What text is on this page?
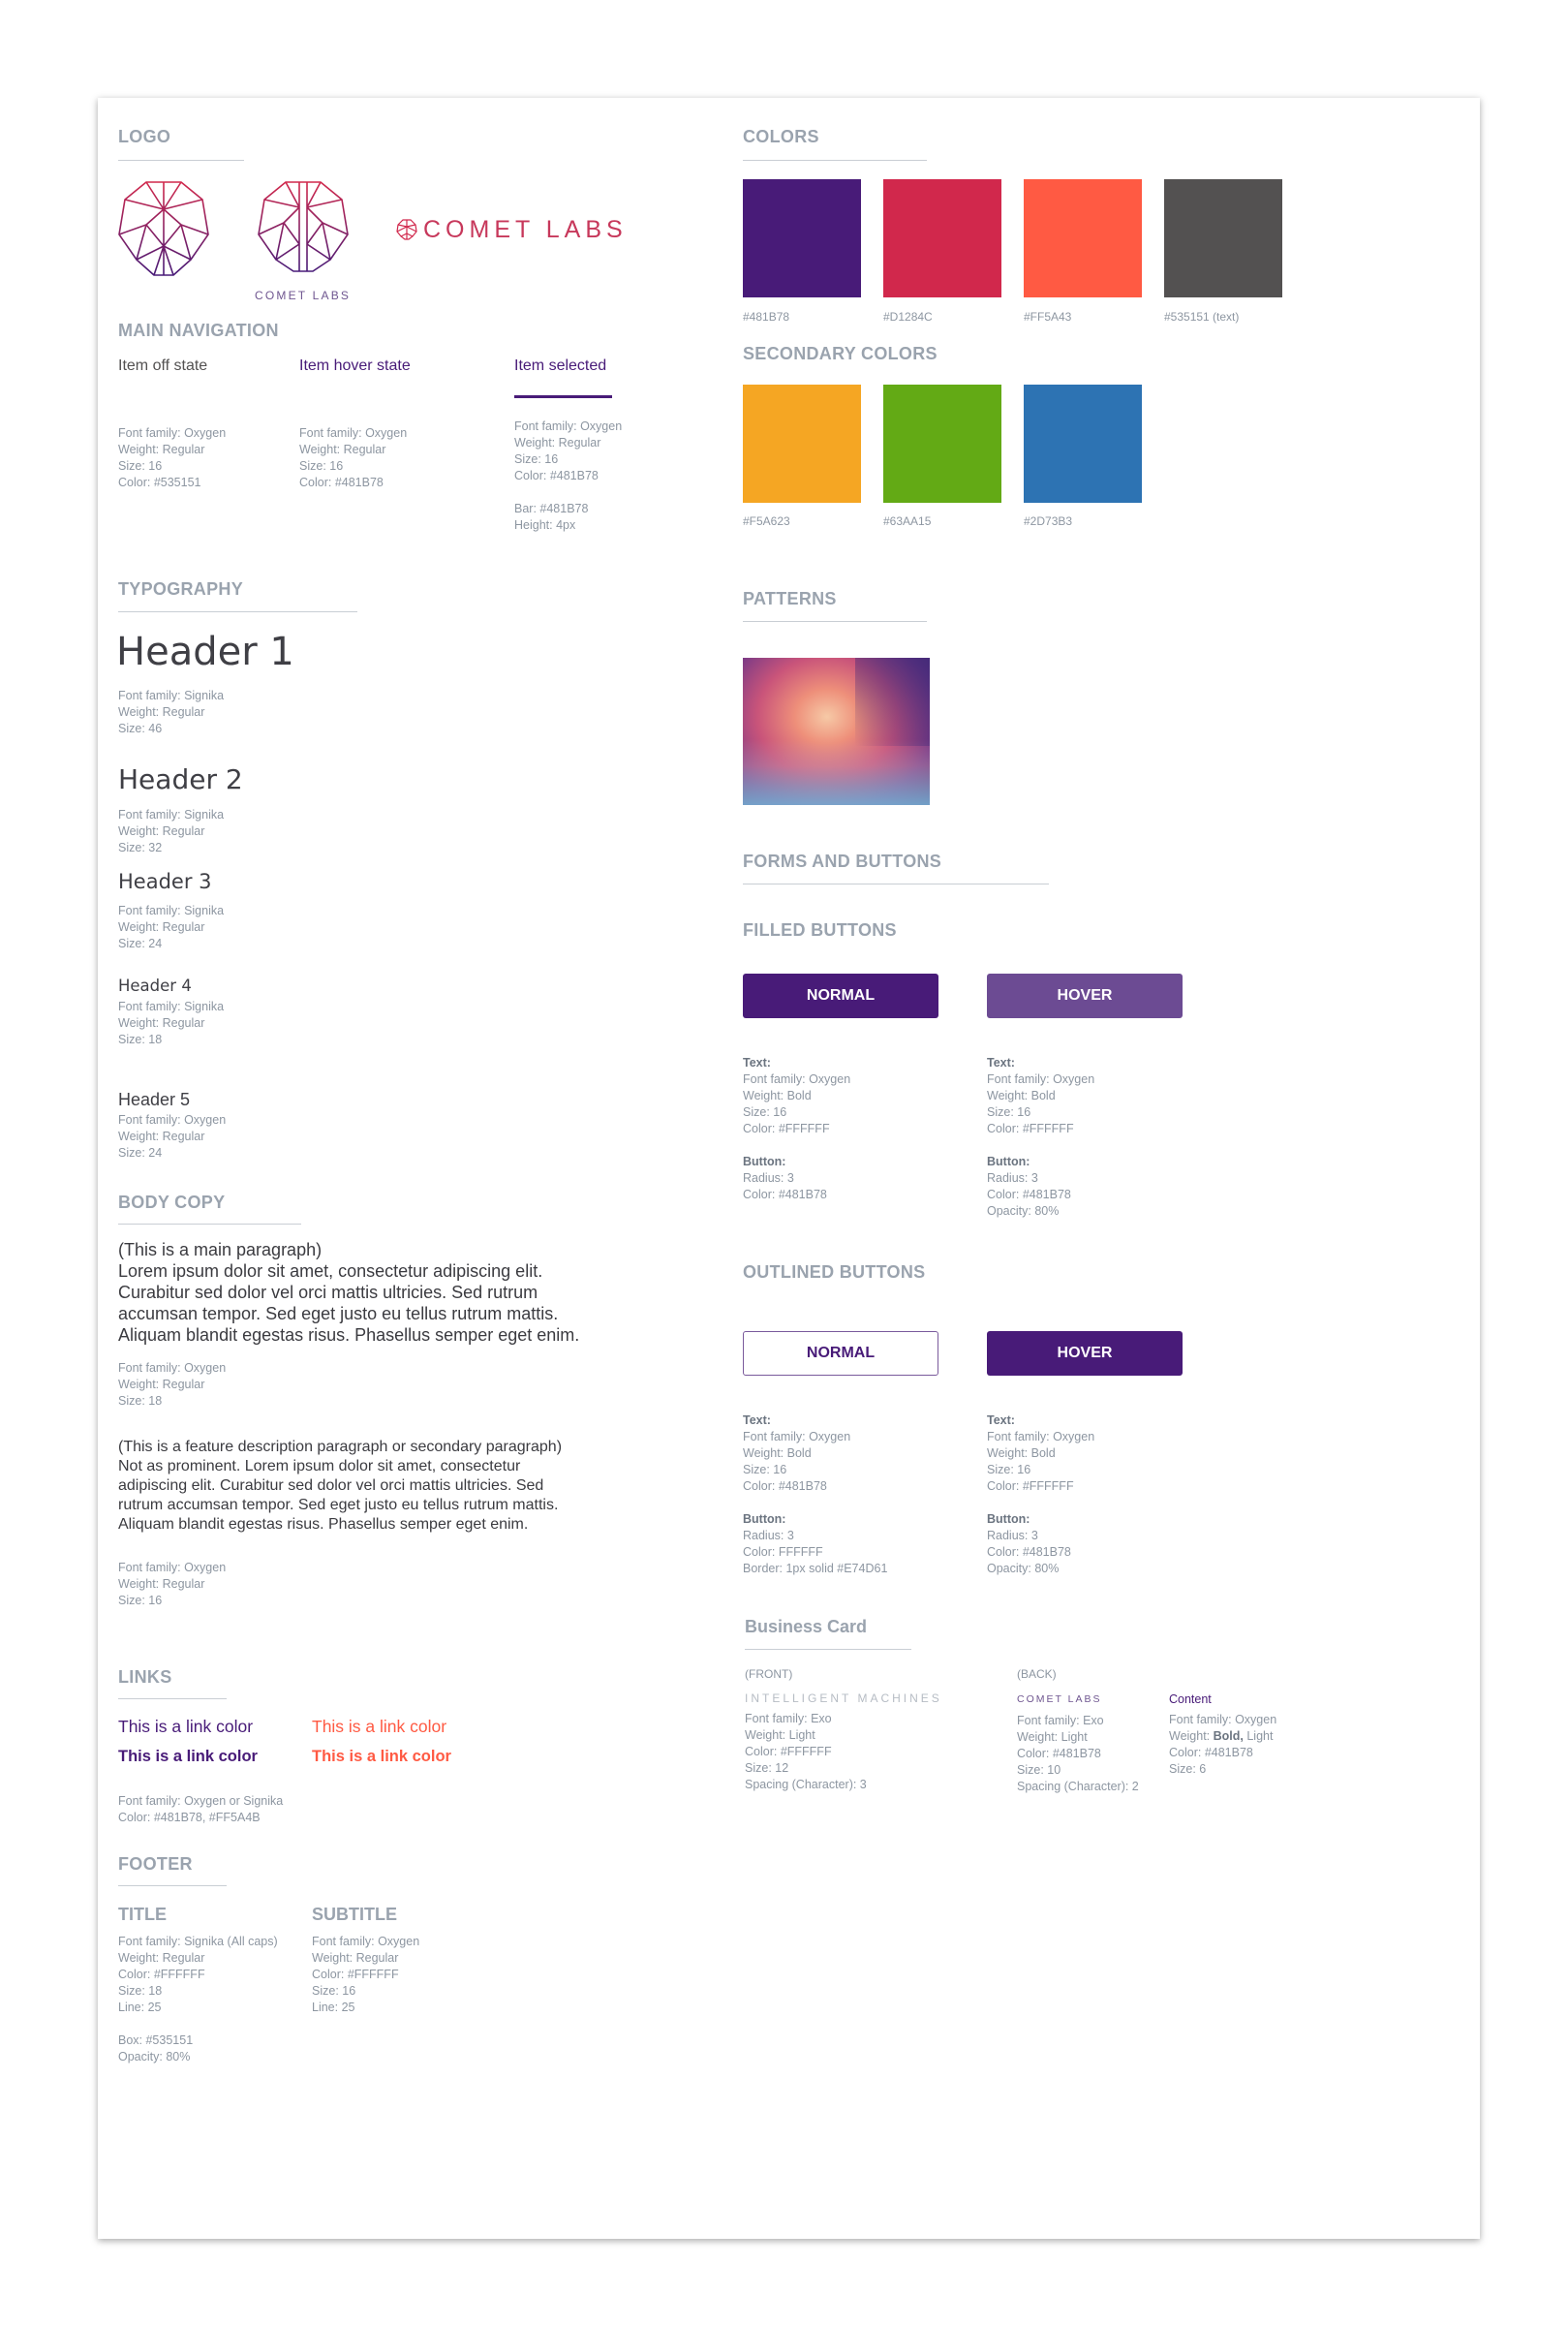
LOGO
COMET LABS
COMET LABS
MAIN NAVIGATION
Item off state
Font family: Oxygen
Weight: Regular
Size: 16
Color: #535151
Item hover state
Font family: Oxygen
Weight: Regular
Size: 16
Color: #481B78
Item selected
Font family: Oxygen
Weight: Regular
Size: 16
Color: #481B78

Bar: #481B78
Height: 4px
TYPOGRAPHY
Header 1
Font family: Signika
Weight: Regular
Size: 46
Header 2
Font family: Signika
Weight: Regular
Size: 32
Header 3
Font family: Signika
Weight: Regular
Size: 24
Header 4
Font family: Signika
Weight: Regular
Size: 18
Header 5
Font family: Oxygen
Weight: Regular
Size: 24
BODY COPY
(This is a main paragraph)
Lorem ipsum dolor sit amet, consectetur adipiscing elit.
Curabitur sed dolor vel orci mattis ultricies. Sed rutrum
accumsan tempor. Sed eget justo eu tellus rutrum mattis.
Aliquam blandit egestas risus. Phasellus semper eget enim.
Font family: Oxygen
Weight: Regular
Size: 18
(This is a feature description paragraph or secondary paragraph)
Not as prominent. Lorem ipsum dolor sit amet, consectetur
adipiscing elit. Curabitur sed dolor vel orci mattis ultricies. Sed
rutrum accumsan tempor. Sed eget justo eu tellus rutrum mattis.
Aliquam blandit egestas risus. Phasellus semper eget enim.
Font family: Oxygen
Weight: Regular
Size: 16
LINKS
This is a link color
This is a link color
This is a link color
This is a link color
Font family: Oxygen or Signika
Color: #481B78, #FF5A4B
FOOTER
TITLE
Font family: Signika (All caps)
Weight: Regular
Color: #FFFFFF
Size: 18
Line: 25

Box: #535151
Opacity: 80%
SUBTITLE
Font family: Oxygen
Weight: Regular
Color: #FFFFFF
Size: 16
Line: 25
COLORS
#481B78	#D1284C	#FF5A43	#535151 (text)
SECONDARY COLORS
#F5A623	#63AA15	#2D73B3
PATTERNS
FORMS AND BUTTONS
FILLED BUTTONS
NORMAL	HOVER
Text:
Font family: Oxygen
Weight: Bold
Size: 16
Color: #FFFFFF
Button:
Radius: 3
Color: #481B78
Text:
Font family: Oxygen
Weight: Bold
Size: 16
Color: #FFFFFF
Button:
Radius: 3
Color: #481B78
Opacity: 80%
OUTLINED BUTTONS
NORMAL	HOVER
Text:
Font family: Oxygen
Weight: Bold
Size: 16
Color: #481B78
Button:
Radius: 3
Color: FFFFFF
Border: 1px solid #E74D61
Text:
Font family: Oxygen
Weight: Bold
Size: 16
Color: #FFFFFF
Button:
Radius: 3
Color: #481B78
Opacity: 80%
Business Card
(FRONT)
INTELLIGENT MACHINES
Font family: Exo
Weight: Light
Color: #FFFFFF
Size: 12
Spacing (Character): 3
(BACK)
COMET LABS
Font family: Exo
Weight: Light
Color: #481B78
Size: 10
Spacing (Character): 2
Content
Font family: Oxygen
Weight: Bold, Light
Color: #481B78
Size: 6
